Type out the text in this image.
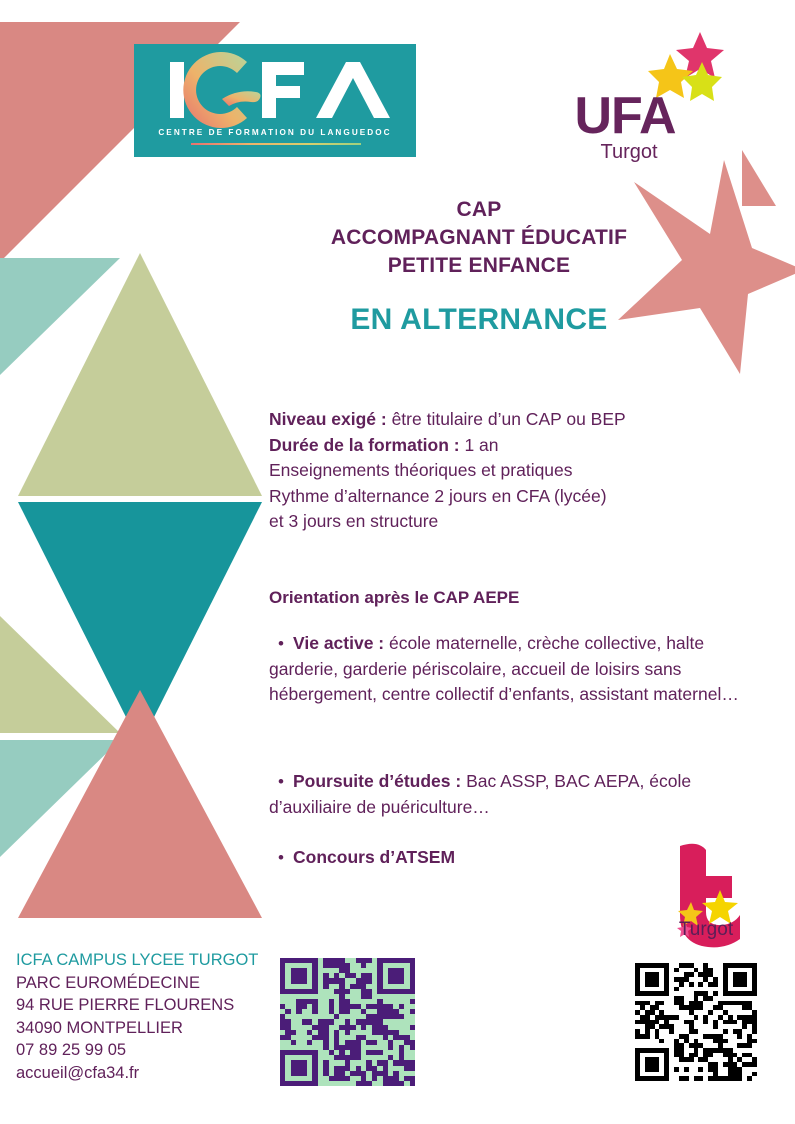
CENTRE DE FORMATION DU LANGUEDOC	UFA
Turgot
CAP
ACCOMPAGNANT ÉDUCATIF
PETITE ENFANCE
EN ALTERNANCE
Niveau exigé : être titulaire d’un CAP ou BEP
Durée de la formation : 1 an
Enseignements théoriques et pratiques
Rythme d’alternance 2 jours en CFA (lycée)
et 3 jours en structure
Orientation après le CAP AEPE
• Vie active : école maternelle, crèche collective, halte garderie, garderie périscolaire, accueil de loisirs sans hébergement, centre collectif d’enfants, assistant maternel…
• Poursuite d’études : Bac ASSP, BAC AEPA, école d’auxiliaire de puériculture…
• Concours d’ATSEM
ICFA CAMPUS LYCEE TURGOT
PARC EUROMÉDECINE
94 RUE PIERRE FLOURENS
34090 MONTPELLIER
07 89 25 99 05
accueil@cfa34.fr
Turgot
